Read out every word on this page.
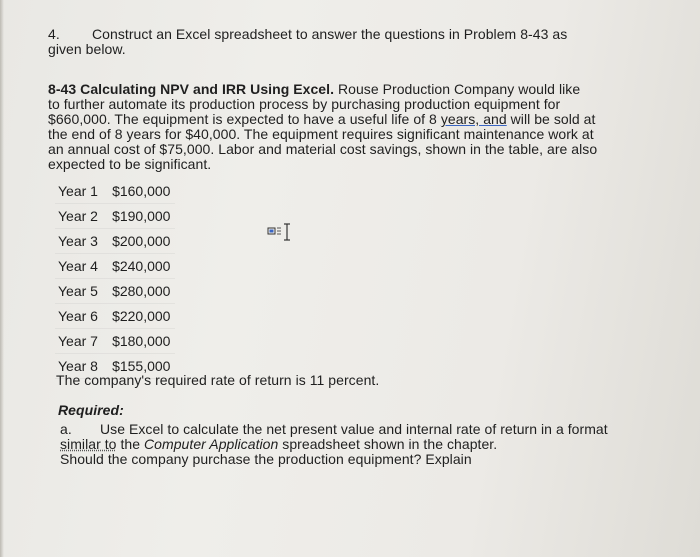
4. Construct an Excel spreadsheet to answer the questions in Problem 8-43 as
given below.
8-43 Calculating NPV and IRR Using Excel. Rouse Production Company would like
to further automate its production process by purchasing production equipment for
$660,000. The equipment is expected to have a useful life of 8 years, and will be sold at
the end of 8 years for $40,000. The equipment requires significant maintenance work at
an annual cost of $75,000. Labor and material cost savings, shown in the table, are also
expected to be significant.
Year 1	$160,000
Year 2	$190,000
Year 3	$200,000
Year 4	$240,000
Year 5	$280,000
Year 6	$220,000
Year 7	$180,000
Year 8	$155,000
The company's required rate of return is 11 percent.
Required:
a. Use Excel to calculate the net present value and internal rate of return in a format
similar to the Computer Application spreadsheet shown in the chapter.
Should the company purchase the production equipment? Explain
